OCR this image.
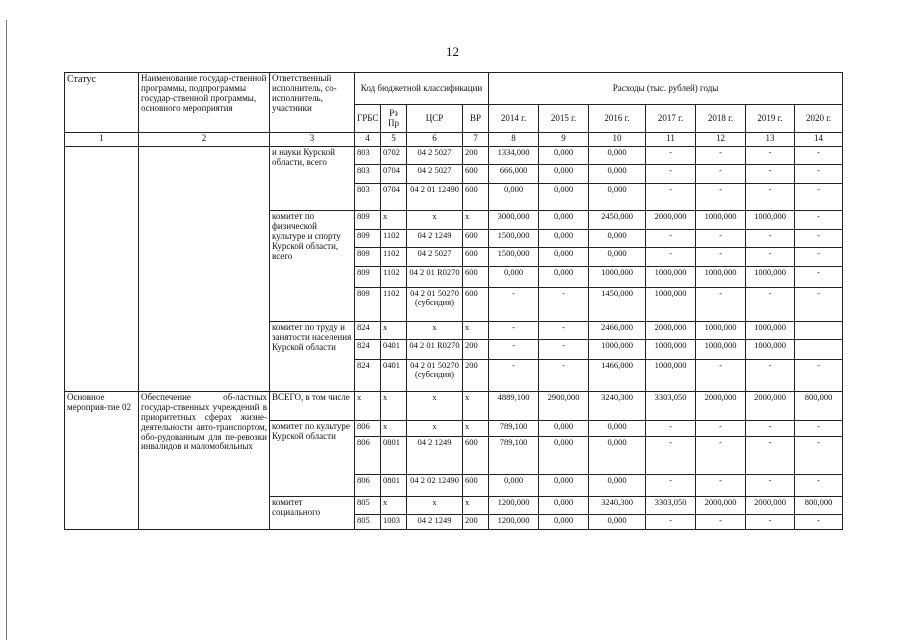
12
Статус	Наименование государ-ственной программы, подпрограммы государ-ственной программы, основного мероприятия	Ответственный исполнитель, со-исполнитель, участники	Код бюджетной классификации				Расходы (тыс. рублей) годы						
			ГРБС	Рз Пр	ЦСР	ВР	2014 г.	2015 г.	2016 г.	2017 г.	2018 г.	2019 г.	2020 г.
1	2	3	4	5	6	7	8	9	10	11	12	13	14
		и науки Курской области, всего	803	0702	04 2 5027	200	1334,000	0,000	0,000	-	-	-	-
			803	0704	04 2 5027	600	666,000	0,000	0,000	-	-	-	-
			803	0704	04 2 01 12490	600	0,000	0,000	0,000	-	-	-	-
		комитет по физической культуре и спорту Курской области, всего	809	x	x	x	3000,000	0,000	2450,000	2000,000	1000,000	1000,000	-
			809	1102	04 2 1249	600	1500,000	0,000	0,000	-	-	-	-
			809	1102	04 2 5027	600	1500,000	0,000	0,000	-	-	-	-
			809	1102	04 2 01 R0270	600	0,000	0,000	1000,000	1000,000	1000,000	1000,000	-
			809	1102	04 2 01 50270 (субсидия)	600	-	-	1450,000	1000,000	-	-	-
		комитет по труду и занятости населения Курской области	824	x	x	x	-	-	2466,000	2000,000	1000,000	1000,000	
			824	0401	04 2 01 R0270	200	-	-	1000,000	1000,000	1000,000	1000,000	
			824	0401	04 2 01 50270 (субсидия)	200	-	-	1466,000	1000,000	-	-	-
Основное мероприя-тие 02	Обеспечение об-ластных государ-ственных учреждений в приоритетных сферах жизне-деятельности авто-транспортом, обо-рудованным для пе-ревозки инвалидов и маломобильных	ВСЕГО, в том числе	x	x	x	x	4889,100	2900,000	3240,300	3303,050	2000,000	2000,000	800,000
		комитет по культуре Курской области	806	x	x	x	789,100	0,000	0,000	-	-	-	-
			806	0801	04 2 1249	600	789,100	0,000	0,000	-	-	-	-
			806	0801	04 2 02 12490	600	0,000	0,000	0,000	-	-	-	-
		комитет социального	805	x	x	x	1200,000	0,000	3240,300	3303,050	2000,000	2000,000	800,000
			805	1003	04 2 1249	200	1200,000	0,000	0,000	-	-	-	-
